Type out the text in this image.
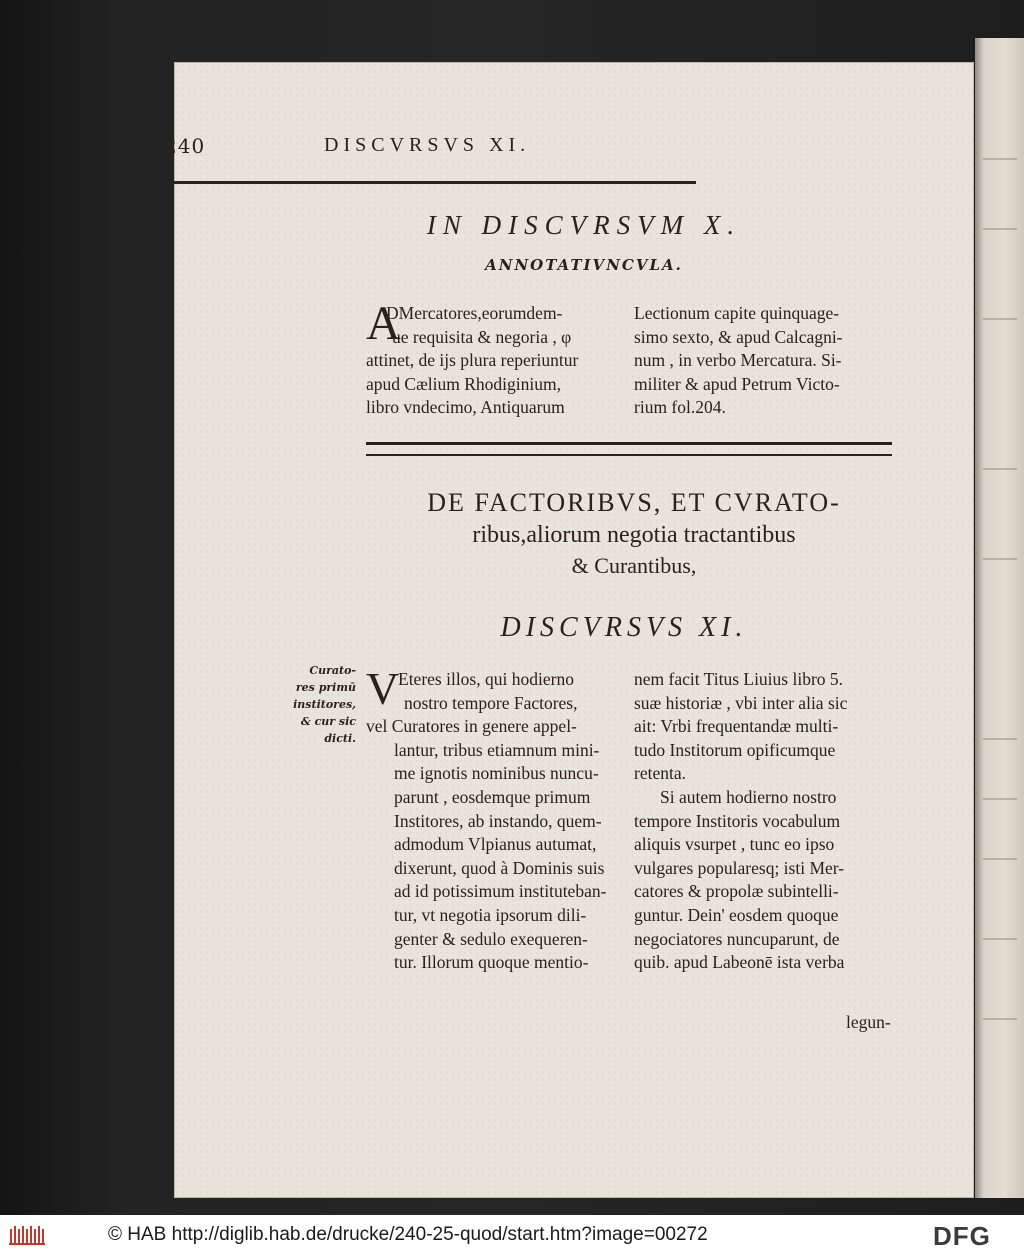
240	DISCVRSVS XI.
IN DISCVRSVM X.
ANNOTATIVNCVLA.
A
DMercatores,eorumdem-
ue requisita & negoria , φ
attinet, de ijs plura reperiuntur
apud Cælium Rhodiginium,
libro vndecimo, Antiquarum
Lectionum capite quinquage-
simo sexto, & apud Calcagni-
num , in verbo Mercatura. Si-
militer & apud Petrum Victo-
rium fol.204.
DE FACTORIBVS, ET CVRATO-
ribus,aliorum negotia tractantibus
& Curantibus,
DISCVRSVS XI.
Curato-
res primū
institores,
& cur sic
dicti.
V
Eteres illos, qui hodierno
nostro tempore Factores,
vel Curatores in genere appel-
lantur, tribus etiamnum mini-
me ignotis nominibus nuncu-
parunt , eosdemque primum
Institores, ab instando, quem-
admodum Vlpianus autumat,
dixerunt, quod à Dominis suis
ad id potissimum instituteban-
tur, vt negotia ipsorum dili-
genter & sedulo exequeren-
tur. Illorum quoque mentio-
nem facit Titus Liuius libro 5.
suæ historiæ , vbi inter alia sic
ait: Vrbi frequentandæ multi-
tudo Institorum opificumque
retenta.
Si autem hodierno nostro
tempore Institoris vocabulum
aliquis vsurpet , tunc eo ipso
vulgares popularesq; isti Mer-
catores & propolæ subintelli-
guntur. Dein' eosdem quoque
negociatores nuncuparunt, de
quib. apud Labeonē ista verba
legun-
© HAB http://diglib.hab.de/drucke/240-25-quod/start.htm?image=00272	DFG
